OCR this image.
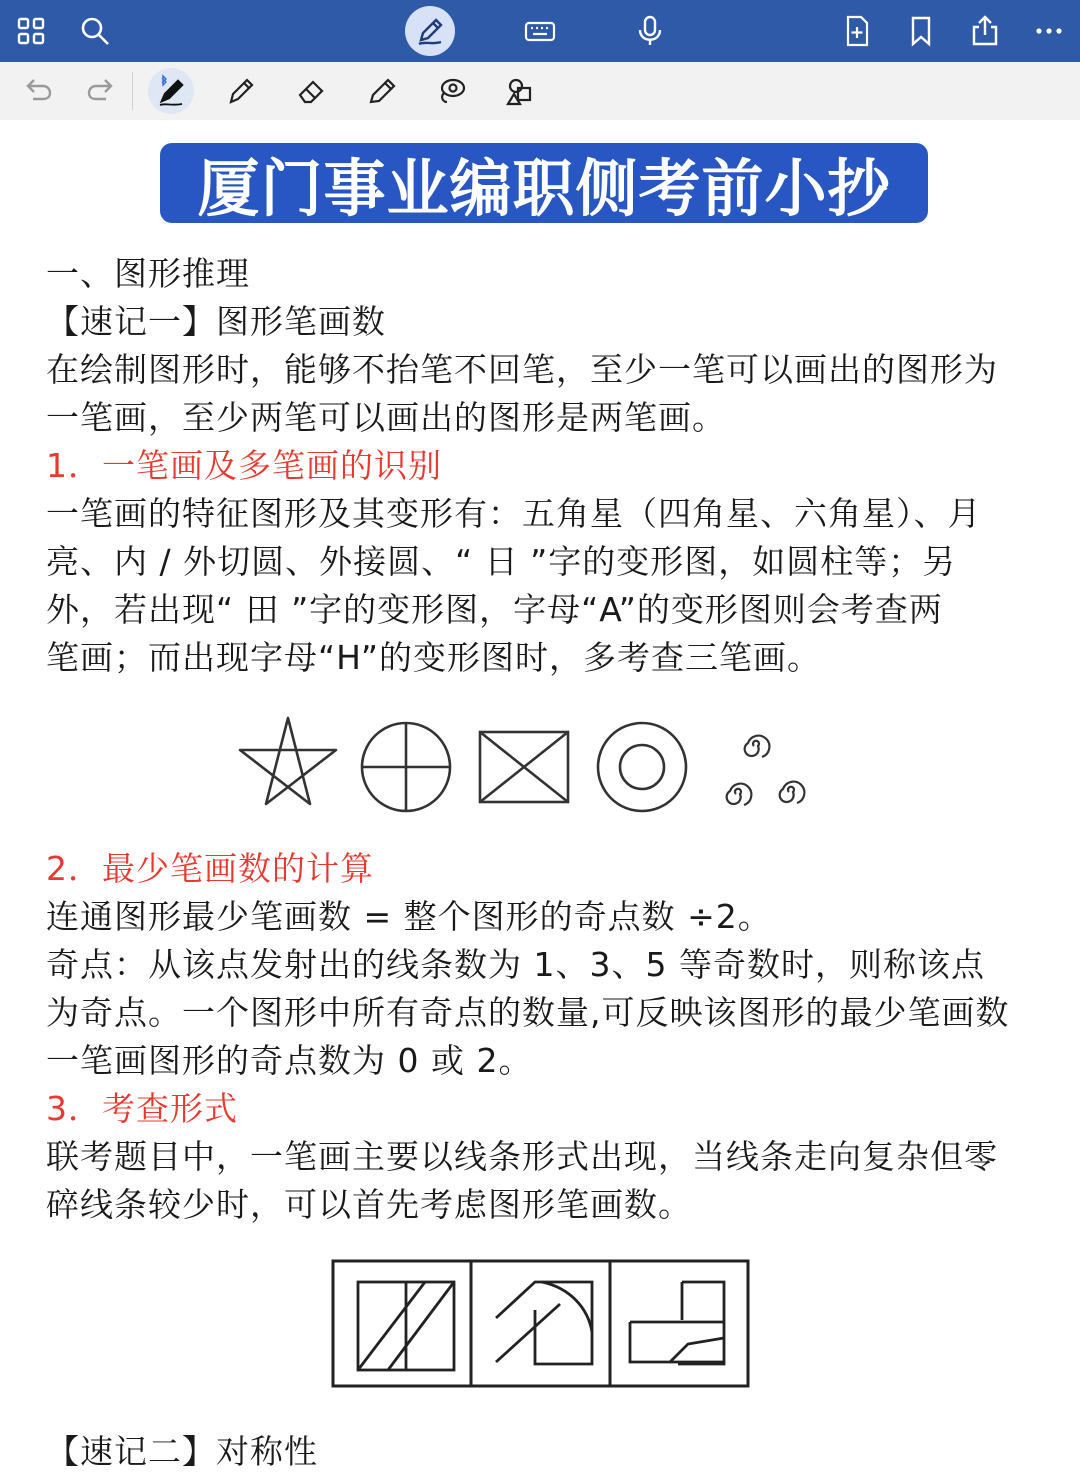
厦门事业编职侧考前小抄
一、图形推理
【速记一】图形笔画数
在绘制图形时，能够不抬笔不回笔，至少一笔可以画出的图形为
一笔画，至少两笔可以画出的图形是两笔画。
1．一笔画及多笔画的识别
一笔画的特征图形及其变形有：五角星（四角星、六角星）、月
亮、内 / 外切圆、外接圆、“ 日 ”字的变形图，如圆柱等；另
外，若出现“ 田 ”字的变形图，字母“A”的变形图则会考查两
笔画；而出现字母“H”的变形图时，多考查三笔画。
2．最少笔画数的计算
连通图形最少笔画数 = 整个图形的奇点数 ÷2。
奇点：从该点发射出的线条数为 1、3、5 等奇数时，则称该点
为奇点。一个图形中所有奇点的数量,可反映该图形的最少笔画数
一笔画图形的奇点数为 0 或 2。
3．考查形式
联考题目中，一笔画主要以线条形式出现，当线条走向复杂但零
碎线条较少时，可以首先考虑图形笔画数。
【速记二】对称性
